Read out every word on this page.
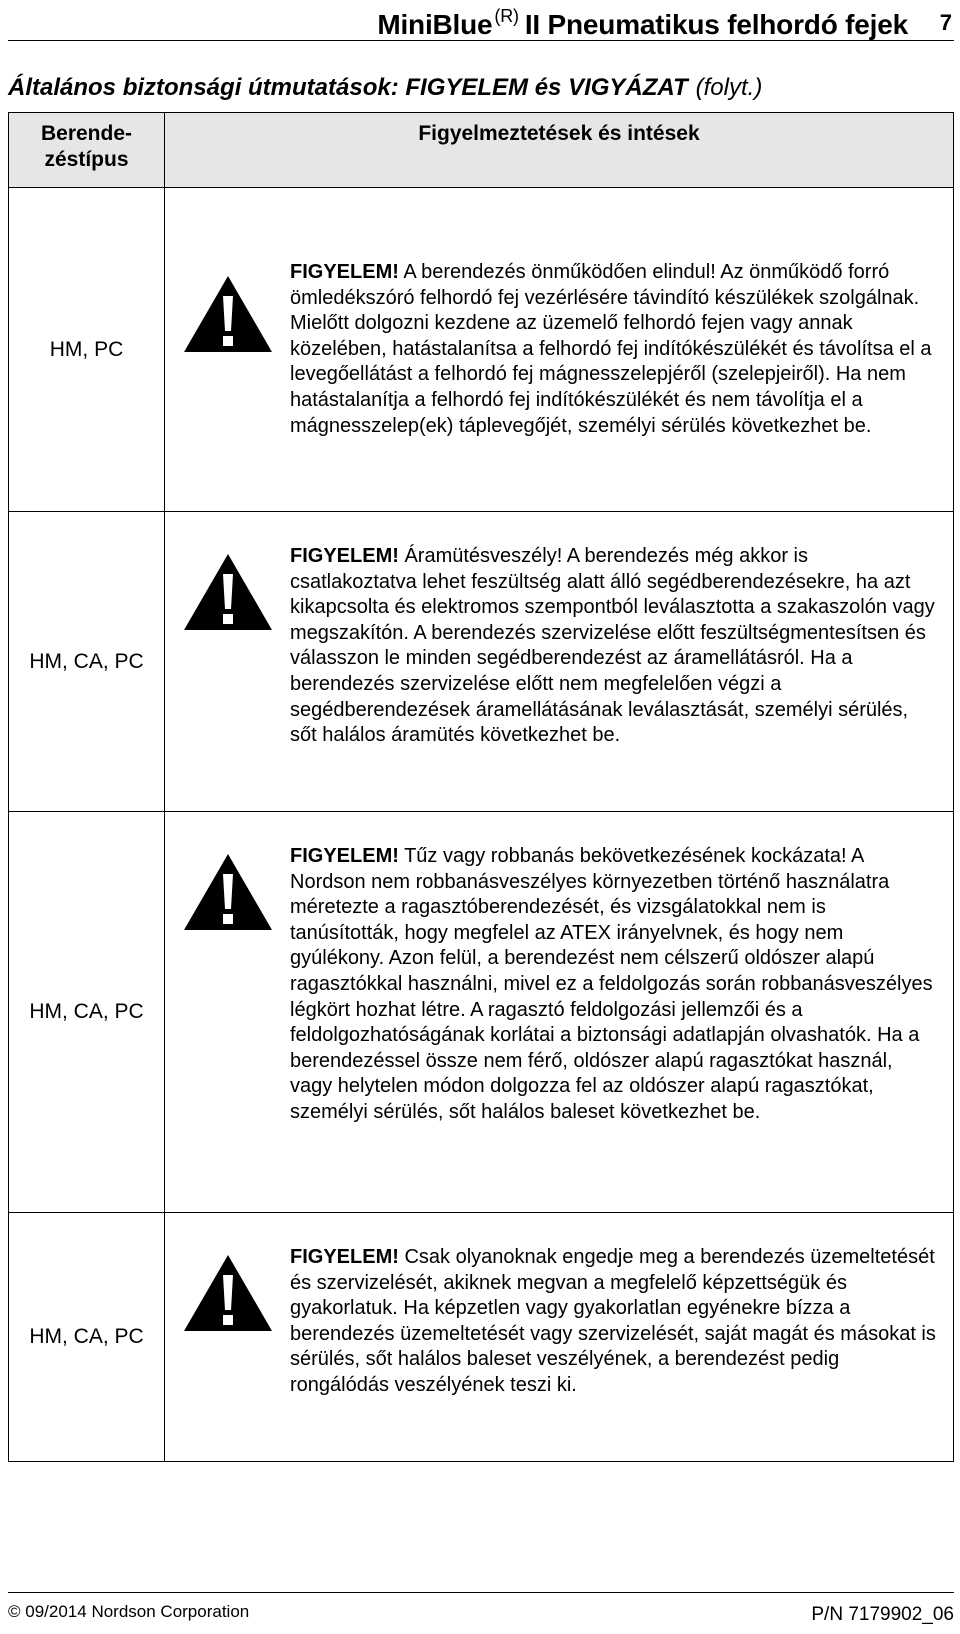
MiniBlue $^{(R)}$ II Pneumatikus felhordó fejek 7
Általános biztonsági útmutatások: FIGYELEM és VIGYÁZAT (folyt.)
Berende-
zéstípus	Figyelmeztetések és intések
HM, PC	FIGYELEM! A berendezés önműködően elindul! Az önműködő forró ömledékszóró felhordó fej vezérlésére távindító készülékek szolgálnak. Mielőtt dolgozni kezdene az üzemelő felhordó fejen vagy annak közelében, hatástalanítsa a felhordó fej indítókészülékét és távolítsa el a levegőellátást a felhordó fej mágnesszelepjéről (szelepjeiről). Ha nem hatástalanítja a felhordó fej indítókészülékét és nem távolítja el a mágnesszelep(ek) táplevegőjét, személyi sérülés következhet be.

HM, CA, PC	FIGYELEM! Áramütésveszély! A berendezés még akkor is csatlakoztatva lehet feszültség alatt álló segédberendezésekre, ha azt kikapcsolta és elektromos szempontból leválasztotta a szakaszolón vagy megszakítón. A berendezés szervizelése előtt feszültségmentesítsen és válasszon le minden segédberendezést az áramellátásról. Ha a berendezés szervizelése előtt nem megfelelően végzi a segédberendezések áramellátásának leválasztását, személyi sérülés, sőt halálos áramütés következhet be.

HM, CA, PC	FIGYELEM! Tűz vagy robbanás bekövetkezésének kockázata! A Nordson nem robbanásveszélyes környezetben történő használatra méretezte a ragasztóberendezését, és vizsgálatokkal nem is tanúsították, hogy megfelel az ATEX irányelvnek, és hogy nem gyúlékony. Azon felül, a berendezést nem célszerű oldószer alapú ragasztókkal használni, mivel ez a feldolgozás során robbanásveszélyes légkört hozhat létre. A ragasztó feldolgozási jellemzői és a feldolgozhatóságának korlátai a biztonsági adatlapján olvashatók. Ha a berendezéssel össze nem férő, oldószer alapú ragasztókat használ, vagy helytelen módon dolgozza fel az oldószer alapú ragasztókat, személyi sérülés, sőt halálos baleset következhet be.

HM, CA, PC	FIGYELEM! Csak olyanoknak engedje meg a berendezés üzemeltetését és szervizelését, akiknek megvan a megfelelő képzettségük és gyakorlatuk. Ha képzetlen vagy gyakorlatlan egyénekre bízza a berendezés üzemeltetését vagy szervizelését, saját magát és másokat is sérülés, sőt halálos baleset veszélyének, a berendezést pedig rongálódás veszélyének teszi ki.
© 09/2014 Nordson Corporation	P/N 7179902_06
